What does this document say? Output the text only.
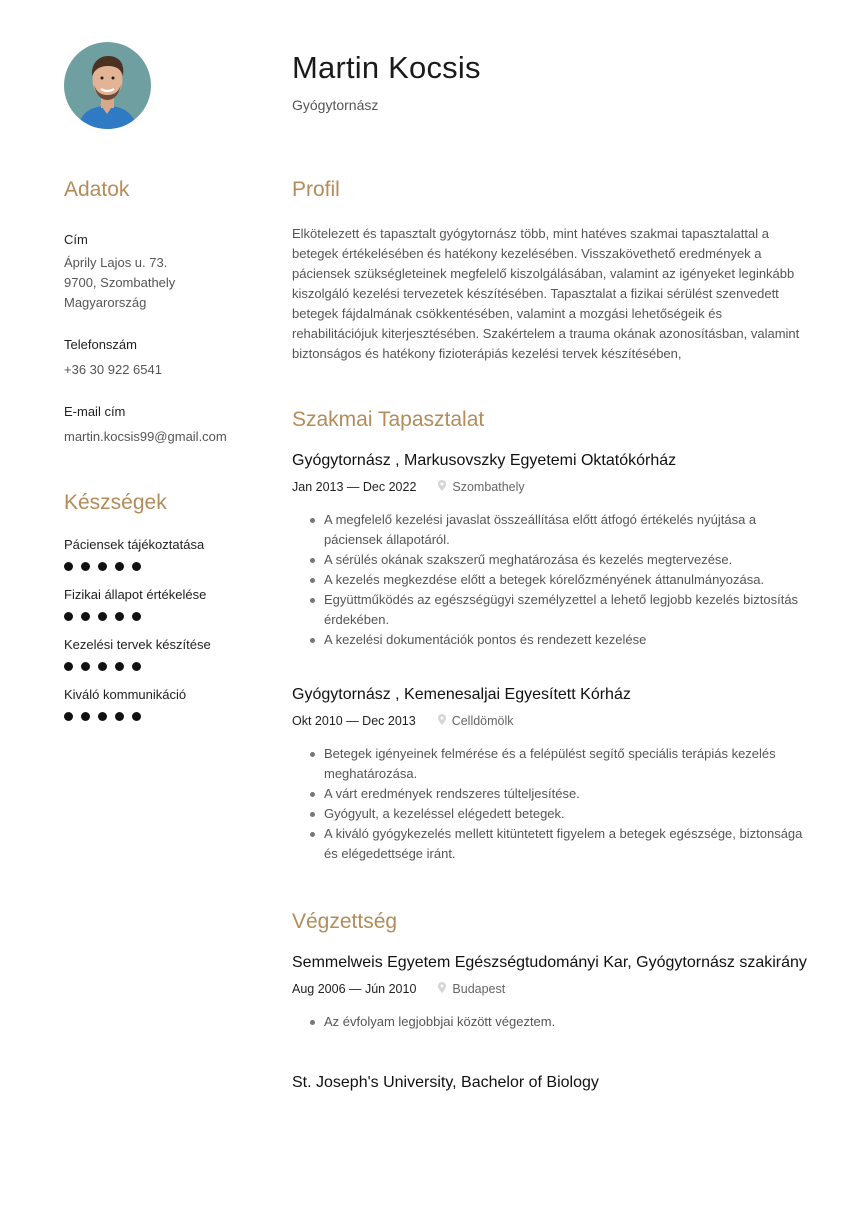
Martin Kocsis
Gyógytornász
Adatok
Cím
Áprily Lajos u. 73.
9700, Szombathely
Magyarország
Telefonszám
+36 30 922 6541
E-mail cím
martin.kocsis99@gmail.com
Készségek
Páciensek tájékoztatása
Fizikai állapot értékelése
Kezelési tervek készítése
Kiváló kommunikáció
Profil
Elkötelezett és tapasztalt gyógytornász több, mint hatéves szakmai tapasztalattal a betegek értékelésében és hatékony kezelésében. Visszakövethető eredmények a páciensek szükségleteinek megfelelő kiszolgálásában, valamint az igényeket leginkább kiszolgáló kezelési tervezetek készítésében. Tapasztalat a fizikai sérülést szenvedett betegek fájdalmának csökkentésében, valamint a mozgási lehetőségeik és rehabilitációjuk kiterjesztésében. Szakértelem a trauma okának azonosításban, valamint biztonságos és hatékony fizioterápiás kezelési tervek készítésében,
Szakmai Tapasztalat
Gyógytornász , Markusovszky Egyetemi Oktatókórház
Jan 2013 — Dec 2022	Szombathely
A megfelelő kezelési javaslat összeállítása előtt átfogó értékelés nyújtása a páciensek állapotáról.
A sérülés okának szakszerű meghatározása és kezelés megtervezése.
A kezelés megkezdése előtt a betegek kórelőzményének áttanulmányozása.
Együttműködés az egészségügyi személyzettel a lehető legjobb kezelés biztosítás érdekében.
A kezelési dokumentációk pontos és rendezett kezelése
Gyógytornász , Kemenesaljai Egyesített Kórház
Okt 2010 — Dec 2013	Celldömölk
Betegek igényeinek felmérése és a felépülést segítő speciális terápiás kezelés meghatározása.
A várt eredmények rendszeres túlteljesítése.
Gyógyult, a kezeléssel elégedett betegek.
A kiváló gyógykezelés mellett kitüntetett figyelem a betegek egészsége, biztonsága és elégedettsége iránt.
Végzettség
Semmelweis Egyetem Egészségtudományi Kar, Gyógytornász szakirány
Aug 2006 — Jún 2010	Budapest
Az évfolyam legjobbjai között végeztem.
St. Joseph's University, Bachelor of Biology
